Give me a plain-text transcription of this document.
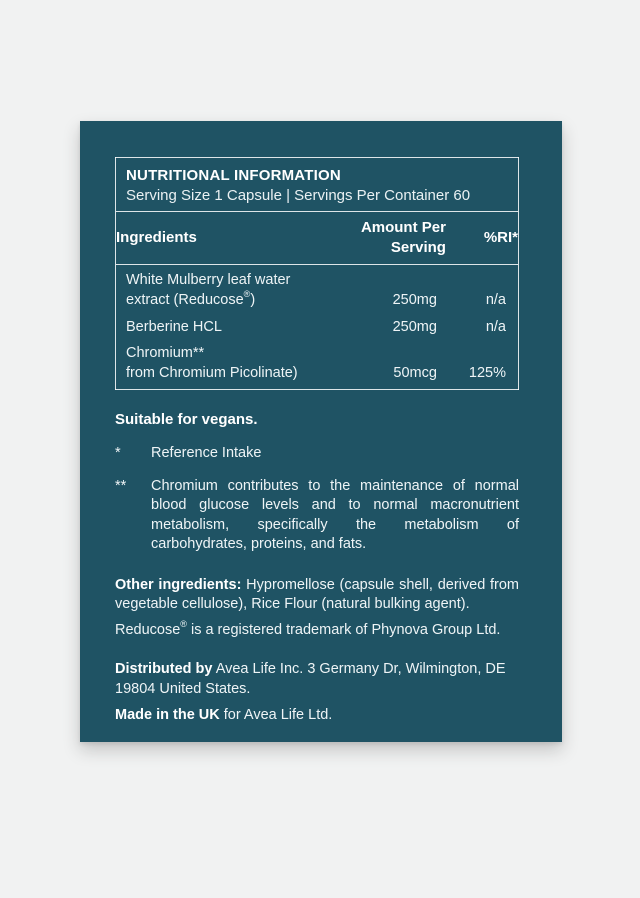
NUTRITIONAL INFORMATION
Serving Size 1 Capsule | Servings Per Container 60		

Ingredients	Amount Per Serving	%RI*

White Mulberry leaf water
extract (Reducose®)	250mg	n/a
Berberine HCL	250mg	n/a

Chromium**
from Chromium Picolinate)	50mcg	125%
Suitable for vegans.
*	Reference Intake
**	Chromium contributes to the maintenance of normal blood glucose levels and to normal macronutrient metabolism, specifically the metabolism of carbohydrates, proteins, and fats.
Other ingredients: Hypromellose (capsule shell, derived from vegetable cellulose), Rice Flour (natural bulking agent).
Reducose® is a registered trademark of Phynova Group Ltd.
Distributed by Avea Life Inc. 3 Germany Dr, Wilmington, DE 19804 United States.
Made in the UK for Avea Life Ltd.
